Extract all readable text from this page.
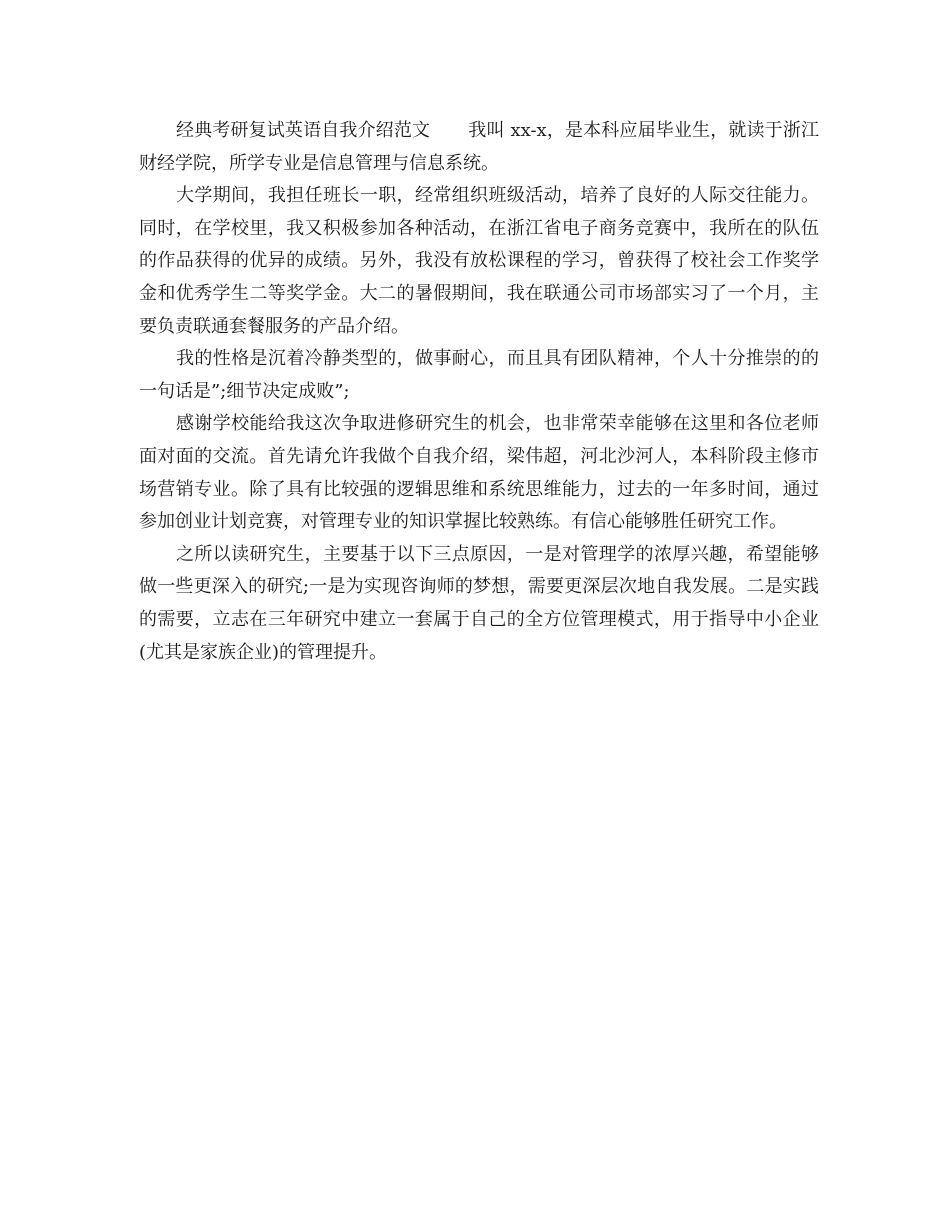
经典考研复试英语自我介绍范文 我叫 xx-x，是本科应届毕业生，就读于浙江财经学院，所学专业是信息管理与信息系统。

大学期间，我担任班长一职，经常组织班级活动，培养了良好的人际交往能力。同时，在学校里，我又积极参加各种活动，在浙江省电子商务竞赛中，我所在的队伍的作品获得的优异的成绩。另外，我没有放松课程的学习，曾获得了校社会工作奖学金和优秀学生二等奖学金。大二的暑假期间，我在联通公司市场部实习了一个月，主要负责联通套餐服务的产品介绍。

我的性格是沉着冷静类型的，做事耐心，而且具有团队精神，个人十分推崇的的一句话是”;细节决定成败”;

感谢学校能给我这次争取进修研究生的机会，也非常荣幸能够在这里和各位老师面对面的交流。首先请允许我做个自我介绍，梁伟超，河北沙河人，本科阶段主修市场营销专业。除了具有比较强的逻辑思维和系统思维能力，过去的一年多时间，通过参加创业计划竞赛，对管理专业的知识掌握比较熟练。有信心能够胜任研究工作。

之所以读研究生，主要基于以下三点原因，一是对管理学的浓厚兴趣，希望能够做一些更深入的研究;一是为实现咨询师的梦想，需要更深层次地自我发展。二是实践的需要，立志在三年研究中建立一套属于自己的全方位管理模式，用于指导中小企业(尤其是家族企业)的管理提升。
